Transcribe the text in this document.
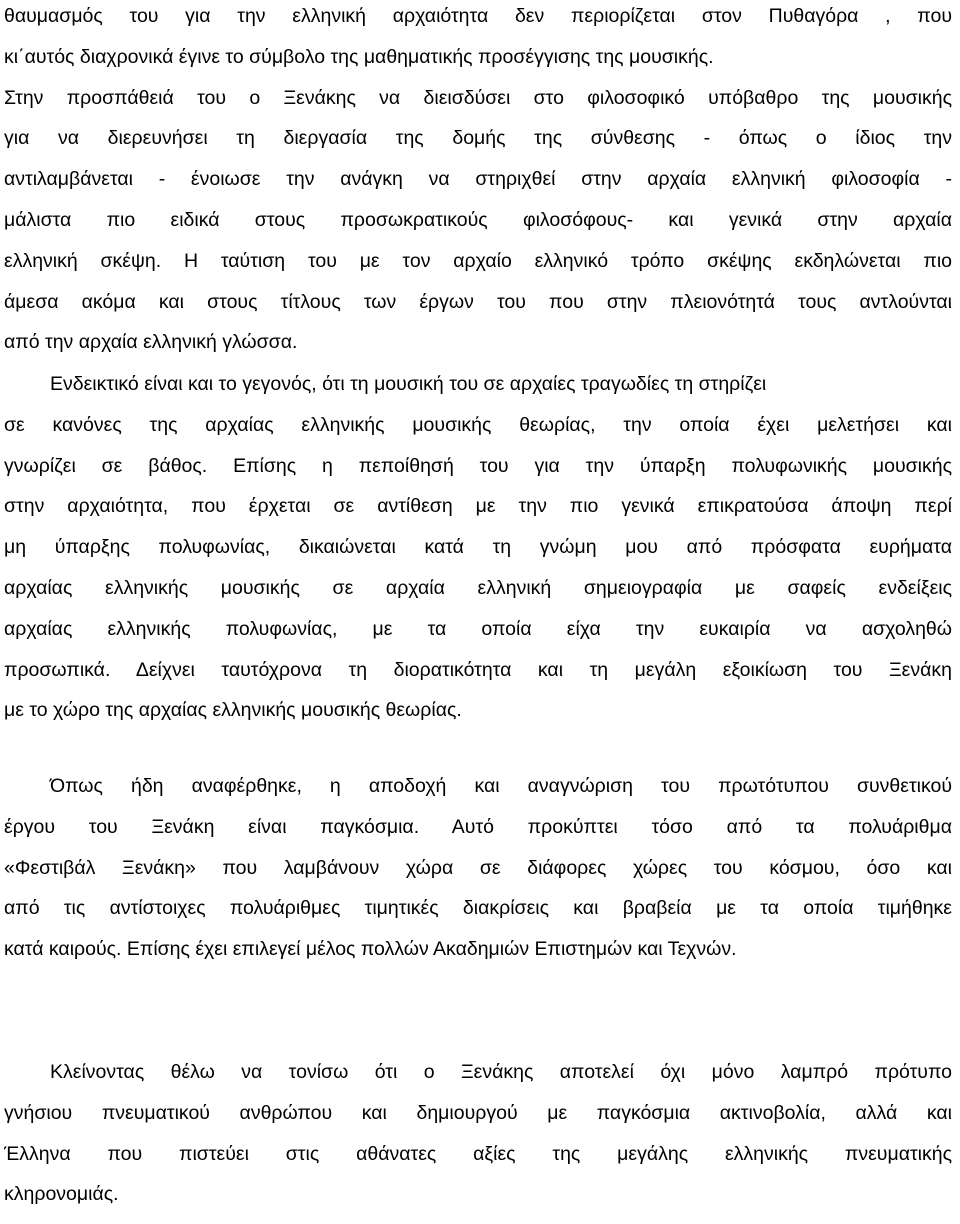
θαυμασμός του για την ελληνική αρχαιότητα δεν περιορίζεται στον Πυθαγόρα , που
κι΄αυτός διαχρονικά έγινε το σύμβολο της μαθηματικής προσέγγισης της μουσικής.
Στην προσπάθειά του ο Ξενάκης να διεισδύσει στο φιλοσοφικό υπόβαθρο της μουσικής
για να διερευνήσει τη διεργασία της δομής της σύνθεσης - όπως ο ίδιος την
αντιλαμβάνεται - ένοιωσε την ανάγκη να στηριχθεί στην αρχαία ελληνική φιλοσοφία -
μάλιστα πιο ειδικά στους προσωκρατικούς φιλοσόφους- και γενικά στην αρχαία
ελληνική σκέψη. Η ταύτιση του με τον αρχαίο ελληνικό τρόπο σκέψης εκδηλώνεται πιο
άμεσα ακόμα και στους τίτλους των έργων του που στην πλειονότητά τους αντλούνται
από την αρχαία ελληνική γλώσσα.
Ενδεικτικό είναι και το γεγονός, ότι τη μουσική του σε αρχαίες τραγωδίες τη στηρίζει
σε κανόνες της αρχαίας ελληνικής μουσικής θεωρίας, την οποία έχει μελετήσει και
γνωρίζει σε βάθος. Επίσης η πεποίθησή του για την ύπαρξη πολυφωνικής μουσικής
στην αρχαιότητα, που έρχεται σε αντίθεση με την πιο γενικά επικρατούσα άποψη περί
μη ύπαρξης πολυφωνίας, δικαιώνεται κατά τη γνώμη μου από πρόσφατα ευρήματα
αρχαίας ελληνικής μουσικής σε αρχαία ελληνική σημειογραφία με σαφείς ενδείξεις
αρχαίας ελληνικής πολυφωνίας, με τα οποία είχα την ευκαιρία να ασχοληθώ
προσωπικά. Δείχνει ταυτόχρονα τη διορατικότητα και τη μεγάλη εξοικίωση του Ξενάκη
με το χώρο της αρχαίας ελληνικής μουσικής θεωρίας.
Όπως ήδη αναφέρθηκε, η αποδοχή και αναγνώριση του πρωτότυπου συνθετικού
έργου του Ξενάκη είναι παγκόσμια. Αυτό προκύπτει τόσο από τα πολυάριθμα
«Φεστιβάλ Ξενάκη» που λαμβάνουν χώρα σε διάφορες χώρες του κόσμου, όσο και
από τις αντίστοιχες πολυάριθμες τιμητικές διακρίσεις και βραβεία με τα οποία τιμήθηκε
κατά καιρούς. Επίσης έχει επιλεγεί μέλος πολλών Ακαδημιών Επιστημών και Τεχνών.
Κλείνοντας θέλω να τονίσω ότι ο Ξενάκης αποτελεί όχι μόνο λαμπρό πρότυπο
γνήσιου πνευματικού ανθρώπου και δημιουργού με παγκόσμια ακτινοβολία, αλλά και
Έλληνα που πιστεύει στις αθάνατες αξίες της μεγάλης ελληνικής πνευματικής
κληρονομιάς.
